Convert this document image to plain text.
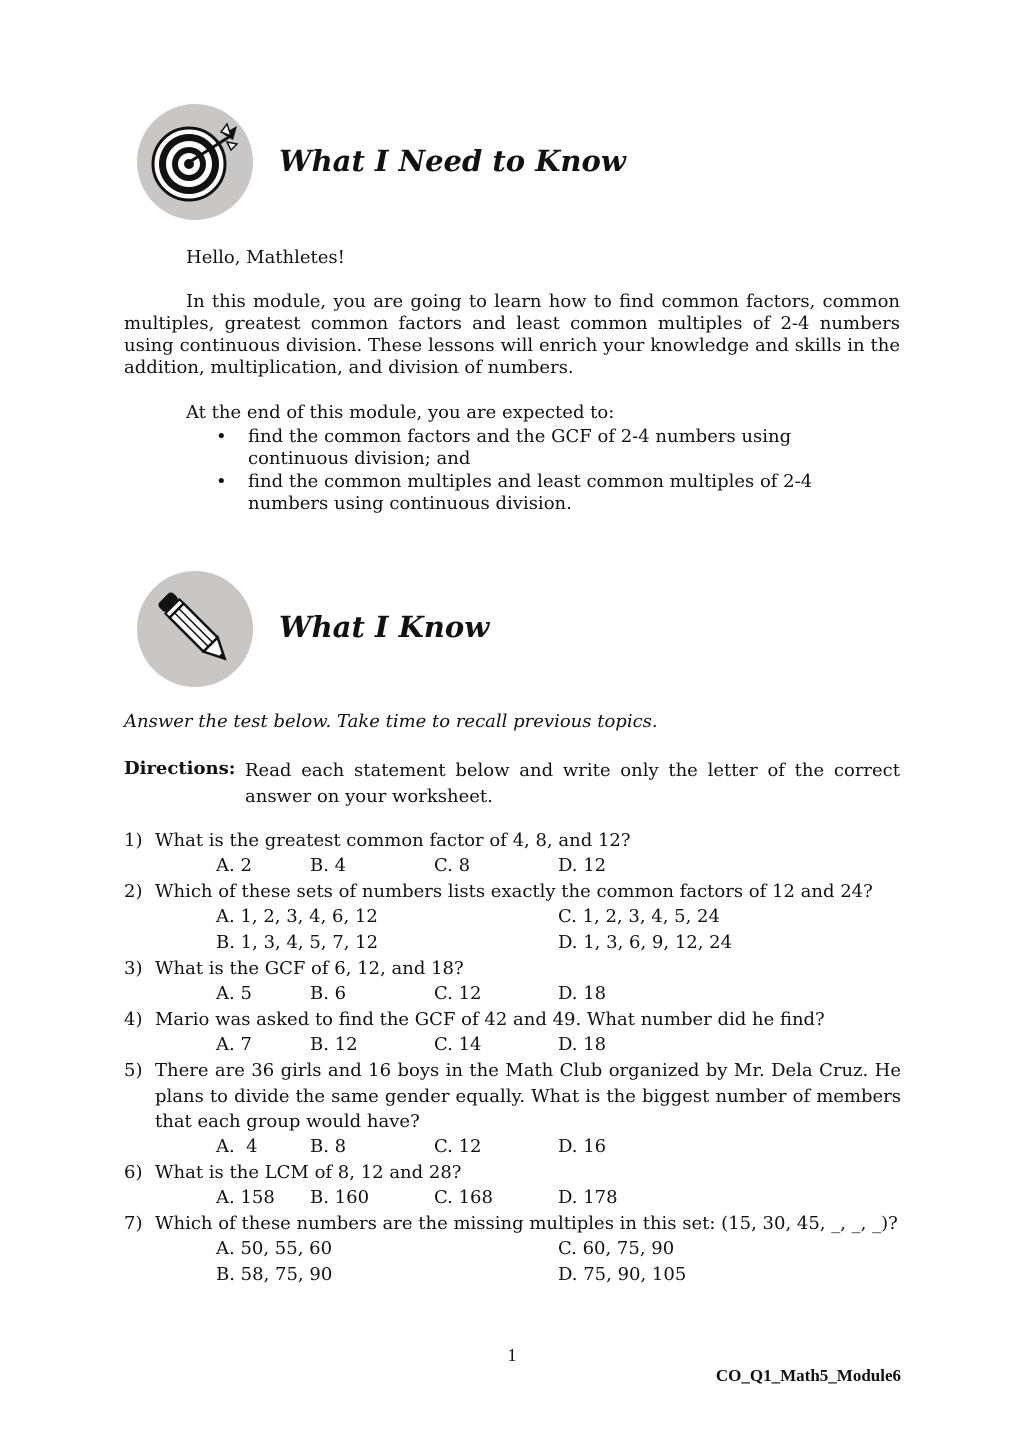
What I Need to Know
Hello, Mathletes!
In this module, you are going to learn how to find common factors, common multiples, greatest common factors and least common multiples of 2-4 numbers using continuous division. These lessons will enrich your knowledge and skills in the addition, multiplication, and division of numbers.
At the end of this module, you are expected to:
• find the common factors and the GCF of 2-4 numbers using continuous division; and
• find the common multiples and least common multiples of 2-4 numbers using continuous division.
What I Know
Answer the test below. Take time to recall previous topics.
Directions: Read each statement below and write only the letter of the correct answer on your worksheet.
1) What is the greatest common factor of 4, 8, and 12?
A. 2	B. 4	C. 8	D. 12
2) Which of these sets of numbers lists exactly the common factors of 12 and 24?
A. 1, 2, 3, 4, 6, 12	C. 1, 2, 3, 4, 5, 24
B. 1, 3, 4, 5, 7, 12	D. 1, 3, 6, 9, 12, 24
3) What is the GCF of 6, 12, and 18?
A. 5	B. 6	C. 12	D. 18
4) Mario was asked to find the GCF of 42 and 49. What number did he find?
A. 7	B. 12	C. 14	D. 18
5) There are 36 girls and 16 boys in the Math Club organized by Mr. Dela Cruz. He plans to divide the same gender equally. What is the biggest number of members that each group would have?
A.  4	B. 8	C. 12	D. 16
6) What is the LCM of 8, 12 and 28?
A. 158 B. 160	C. 168	D. 178
7) Which of these numbers are the missing multiples in this set: (15, 30, 45, _, _, _)?
A. 50, 55, 60	C. 60, 75, 90
B. 58, 75, 90	D. 75, 90, 105
1
CO_Q1_Math5_Module6
